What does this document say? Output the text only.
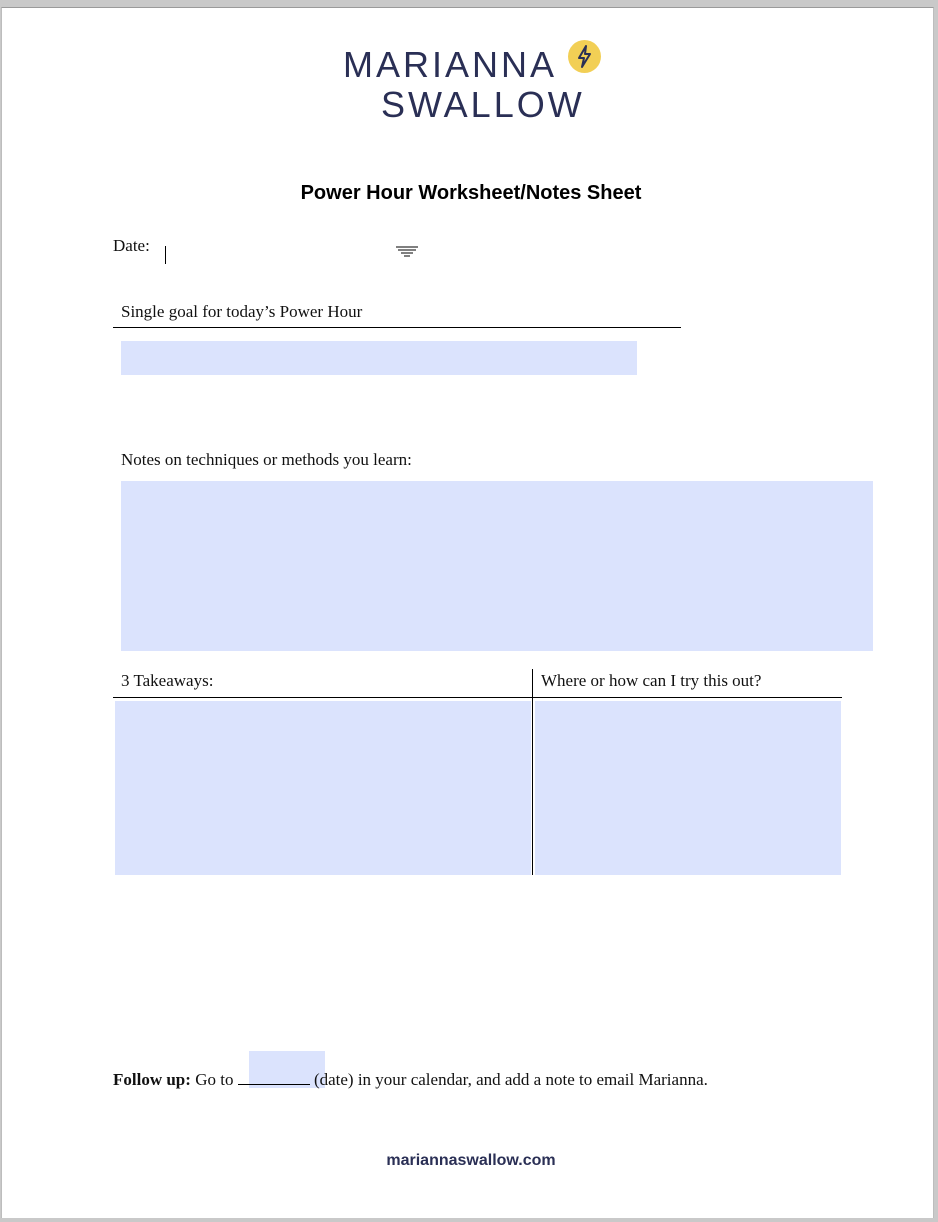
MARIANNA
SWALLOW
Power Hour Worksheet/Notes Sheet
Date:
Single goal for today’s Power Hour
Notes on techniques or methods you learn:
3 Takeaways:	Where or how can I try this out?
Follow up: Go to	(date) in your calendar, and add a note to email Marianna.
mariannaswallow.com
